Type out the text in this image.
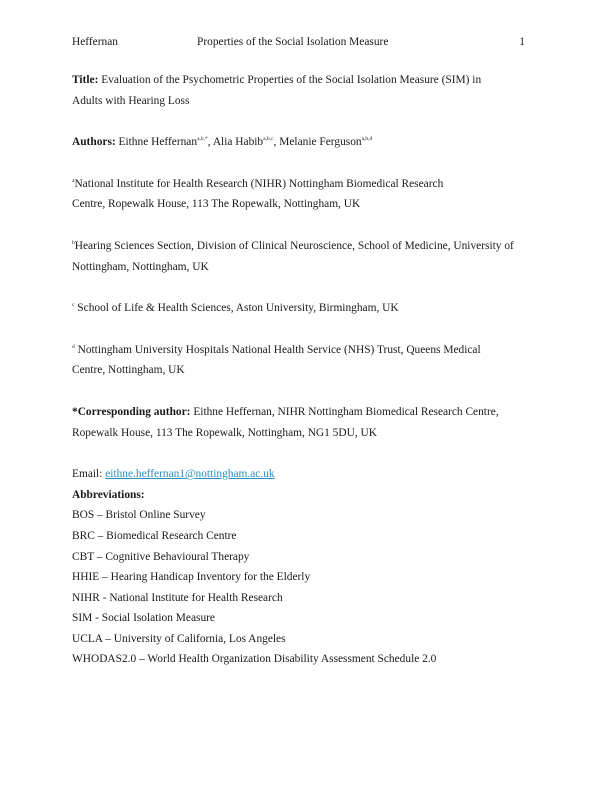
Heffernan	Properties of the Social Isolation Measure	1

Title: Evaluation of the Psychometric Properties of the Social Isolation Measure (SIM) in
Adults with Hearing Loss

Authors: Eithne Heffernan$^{a,b,*}$, Alia Habib$^{a,b,c}$, Melanie Ferguson$^{a,b,d}$

$^a$National Institute for Health Research (NIHR) Nottingham Biomedical Research
Centre, Ropewalk House, 113 The Ropewalk, Nottingham, UK

$^b$Hearing Sciences Section, Division of Clinical Neuroscience, School of Medicine, University of
Nottingham, Nottingham, UK

$^c$ School of Life & Health Sciences, Aston University, Birmingham, UK

$^d$ Nottingham University Hospitals National Health Service (NHS) Trust, Queens Medical
Centre, Nottingham, UK

*Corresponding author: Eithne Heffernan, NIHR Nottingham Biomedical Research Centre,
Ropewalk House, 113 The Ropewalk, Nottingham, NG1 5DU, UK

Email: eithne.heffernan1@nottingham.ac.uk

Abbreviations:

BOS – Bristol Online Survey

BRC – Biomedical Research Centre

CBT – Cognitive Behavioural Therapy

HHIE – Hearing Handicap Inventory for the Elderly

NIHR - National Institute for Health Research

SIM - Social Isolation Measure

UCLA – University of California, Los Angeles

WHODAS2.0 – World Health Organization Disability Assessment Schedule 2.0
